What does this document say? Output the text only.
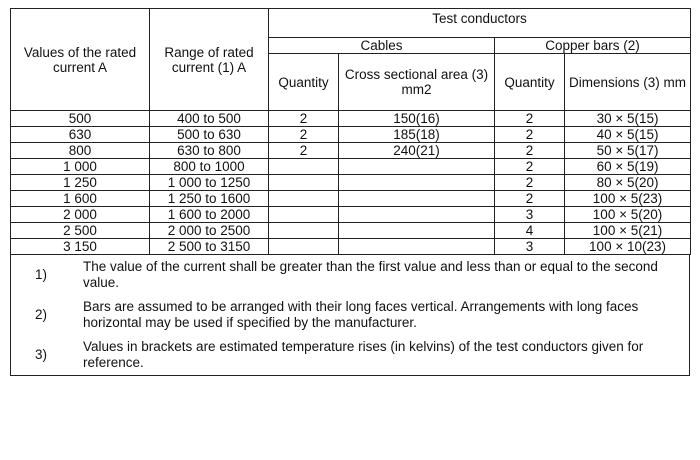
Values of the rated current A	Range of rated current (1) A	Test conductors			
		Cables		Copper bars (2)	
		Quantity	Cross sectional area (3) mm2	Quantity	Dimensions (3) mm
500	400 to 500	2	150(16)	2	30 × 5(15)
630	500 to 630	2	185(18)	2	40 × 5(15)
800	630 to 800	2	240(21)	2	50 × 5(17)
1 000	800 to 1000			2	60 × 5(19)
1 250	1 000 to 1250			2	80 × 5(20)
1 600	1 250 to 1600			2	100 × 5(23)
2 000	1 600 to 2000			3	100 × 5(20)
2 500	2 000 to 2500			4	100 × 5(21)
3 150	2 500 to 3150			3	100 × 10(23)
1)
The value of the current shall be greater than the first value and less than or equal to the second value.
2)
Bars are assumed to be arranged with their long faces vertical. Arrangements with long faces horizontal may be used if specified by the manufacturer.
3)
Values in brackets are estimated temperature rises (in kelvins) of the test conductors given for reference.
